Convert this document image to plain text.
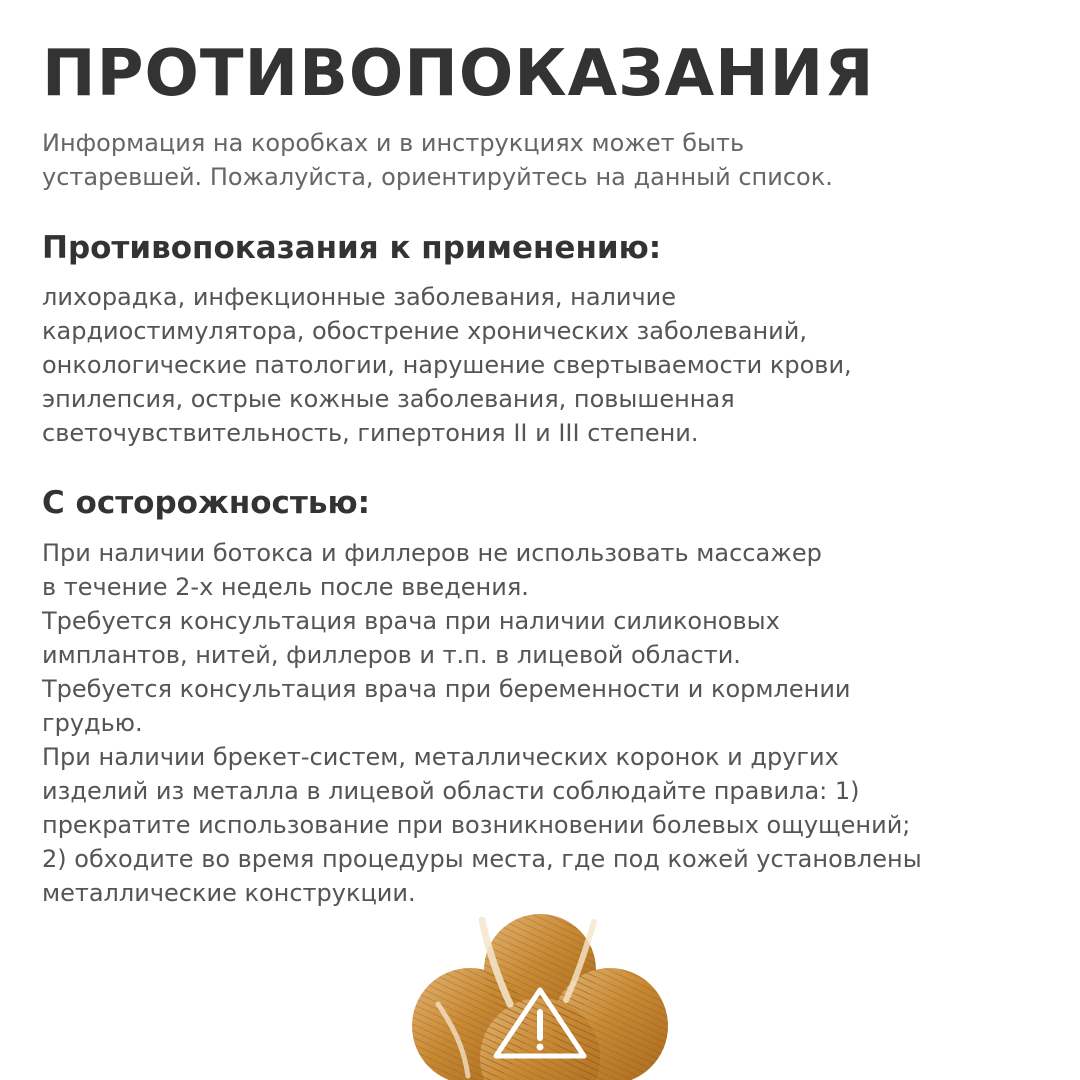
ПРОТИВОПОКАЗАНИЯ
Информация на коробках и в инструкциях может быть
устаревшей. Пожалуйста, ориентируйтесь на данный список.
Противопоказания к применению:
лихорадка, инфекционные заболевания, наличие
кардиостимулятора, обострение хронических заболеваний,
онкологические патологии, нарушение свертываемости крови,
эпилепсия, острые кожные заболевания, повышенная
светочувствительность, гипертония II и III степени.
С осторожностью:
При наличии ботокса и филлеров не использовать массажер
в течение 2-х недель после введения.
Требуется консультация врача при наличии силиконовых
имплантов, нитей, филлеров и т.п. в лицевой области.
Требуется консультация врача при беременности и кормлении
грудью.
При наличии брекет-систем, металлических коронок и других
изделий из металла в лицевой области соблюдайте правила: 1)
прекратите использование при возникновении болевых ощущений;
2) обходите во время процедуры места, где под кожей установлены
металлические конструкции.
